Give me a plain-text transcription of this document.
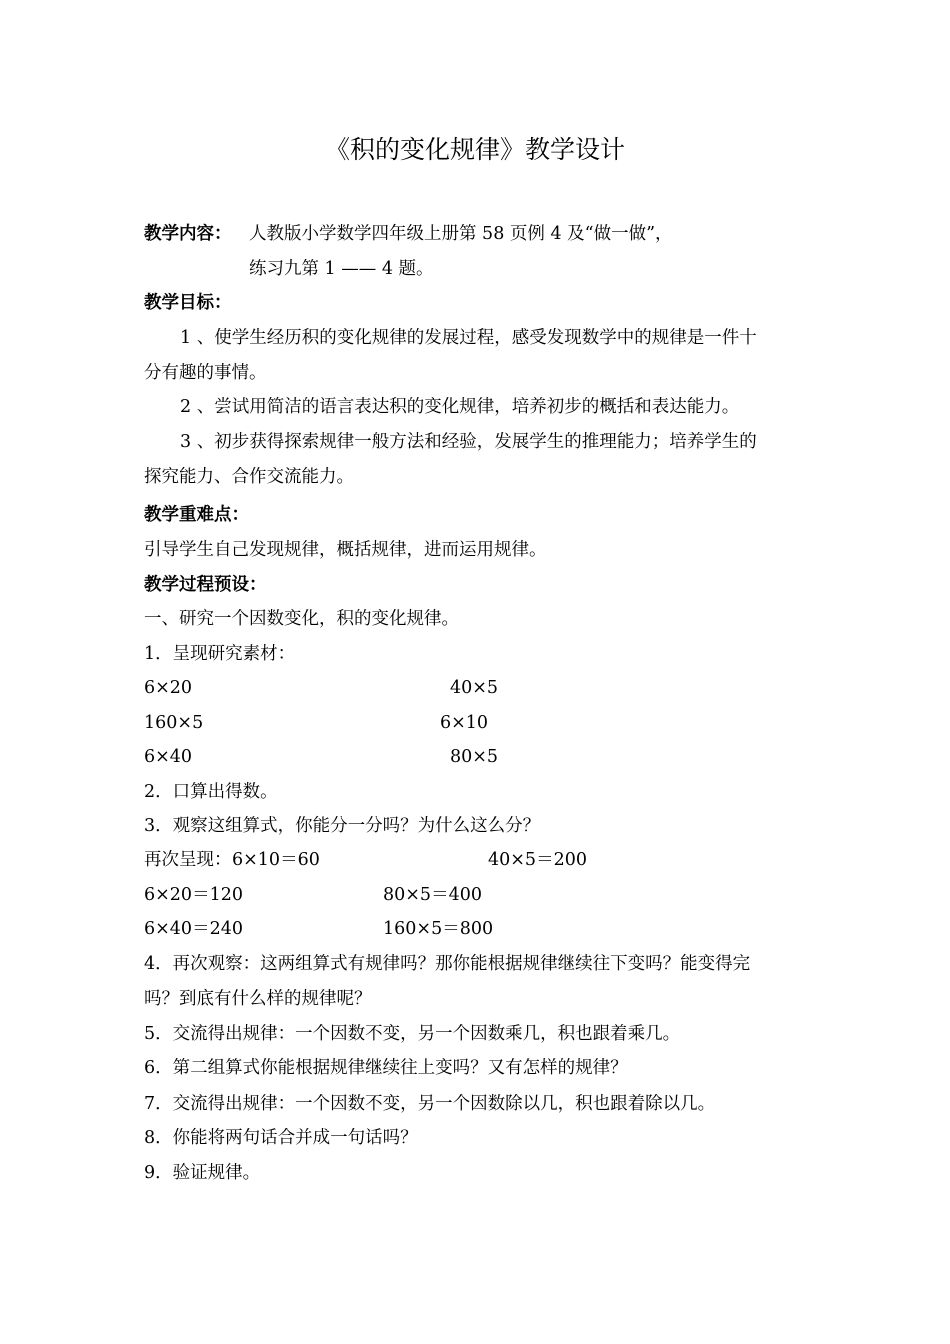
《积的变化规律》教学设计
教学内容： 人教版小学数学四年级上册第 58 页例 4 及“做一做”，
练习九第 1 —— 4 题。
教学目标：
1 、使学生经历积的变化规律的发展过程，感受发现数学中的规律是一件十
分有趣的事情。
2 、尝试用简洁的语言表达积的变化规律，培养初步的概括和表达能力。
3 、初步获得探索规律一般方法和经验，发展学生的推理能力；培养学生的
探究能力、合作交流能力。
教学重难点：
引导学生自己发现规律，概括规律，进而运用规律。
教学过程预设：
一、研究一个因数变化，积的变化规律。
1．呈现研究素材：
6×20	40×5
160×5	6×10
6×40	80×5
2．口算出得数。
3．观察这组算式，你能分一分吗？为什么这么分？
再次呈现： 6×10＝60	40×5＝200
6×20＝120	80×5＝400
6×40＝240	160×5＝800
4．再次观察：这两组算式有规律吗？那你能根据规律继续往下变吗？能变得完
吗？到底有什么样的规律呢？
5．交流得出规律：一个因数不变，另一个因数乘几，积也跟着乘几。
6．第二组算式你能根据规律继续往上变吗？又有怎样的规律？
7．交流得出规律：一个因数不变，另一个因数除以几，积也跟着除以几。
8．你能将两句话合并成一句话吗？
9．验证规律。
